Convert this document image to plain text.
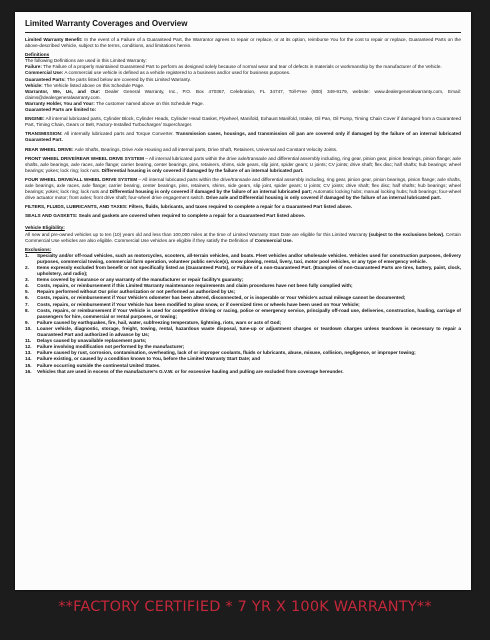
Limited Warranty Coverages and Overview
Limited Warranty Benefit: In the event of a Failure of a Guaranteed Part, the Warrantor agrees to repair or replace, or at its option, reimburse You for the cost to repair or replace, Guaranteed Parts on the above-described Vehicle, subject to the terms, conditions, and limitations herein.
Definitions
The following Definitions are used in this Limited Warranty:
Failure: The Failure of a properly maintained Guaranteed Part to perform as designed solely because of normal wear and tear of defects in materials or workmanship by the manufacturer of the Vehicle.
Commercial Use: A commercial use vehicle is defined as a vehicle registered to a business and/or used for business purposes.
Guaranteed Parts: The parts listed below are covered by this Limited Warranty.
Vehicle: The Vehicle listed above on this Schedule Page.
Warrantor, We, Us, and Our: Dealer General Warranty, Inc., P.O. Box 470367, Celebration, FL 34747, Toll-Free (800) 349-9179, website: www.dealergeneralwarranty.com, Email: claims@dealergeneralwarranty.com.
Warranty Holder, You and Your: The customer named above on this Schedule Page.
Guaranteed Parts are limited to:
ENGINE: All internal lubricated parts, Cylinder Block, Cylinder Heads, Cylinder Head Gasket, Flywheel, Manifold, Exhaust Manifold, Intake, Oil Pan, Oil Pump, Timing Chain Cover if damaged from a Guaranteed Part, Timing Chain, Gears or Belt, Factory-Installed Turbocharger/ Supercharger.
TRANSMISSION: All internally lubricated parts and Torque Converter. Transmission cases, housings, and transmission oil pan are covered only if damaged by the failure of an internal lubricated Guaranteed Part.
REAR WHEEL DRIVE: Axle Shafts, Bearings, Drive Axle Housing and all internal parts, Drive Shaft, Retainers, Universal and Constant Velocity Joints.
FRONT WHEEL DRIVE/REAR WHEEL DRIVE SYSTEM – All internal lubricated parts within the drive axle/transaxle and differential assembly including, ring gear, pinion gear, pinion bearings, pinion flange; axle shafts, axle bearings, axle races, axle flange; carrier bearing, center bearings, pins, retainers, shims, side gears, slip joint, spider gears; U joints; CV joints; drive shaft; flex disc; half shafts; hub bearings; wheel bearings; yokes; lock ring; lock nuts. Differential housing is only covered if damaged by the failure of an internal lubricated part.
FOUR WHEEL DRIVE/ALL WHEEL DRIVE SYSTEM – All internal lubricated parts within the drive/transaxle and differential assembly including, ring gear, pinion gear, pinion bearings, pinion flange; axle shafts, axle bearings, axle races, axle flange; carrier bearing, center bearings, pins, retainers, shims, side gears, slip joint, spider gears; U joints; CV joints; drive shaft; flex disc; half shafts; hub bearings; wheel bearings; yokes; lock ring; lock nuts and Differential housing is only covered if damaged by the failure of an internal lubricated part; Automatic locking hubs; manual locking hubs; hub bearings; four-wheel drive actuator motor; front axles; front drive shaft; four-wheel drive engagement switch. Drive axle and Differential housing is only covered if damaged by the failure of an internal lubricated part.
FILTERS, FLUIDS, LUBRICANTS, AND TAXES: Filters, fluids, lubricants, and taxes required to complete a repair for a Guaranteed Part listed above.
SEALS AND GASKETS: Seals and gaskets are covered when required to complete a repair for a Guaranteed Part listed above.
Vehicle Eligibility:
All new and pre-owned vehicles up to ten (10) years old and less than 100,000 miles at the time of Limited Warranty Start Date are eligible for this Limited Warranty (subject to the exclusions below). Certain Commercial Use vehicles are also eligible. Commercial Use vehicles are eligible if they satisfy the Definition of Commercial Use.
Exclusions:
1.	Specialty and/or off-road vehicles, such as motorcycles, scooters, all-terrain vehicles, and boats. Fleet vehicles and/or wholesale vehicles. Vehicles used for construction purposes, delivery purposes, commercial towing, commercial farm operation, volunteer public service(s), snow plowing, rental, livery, taxi, motor pool vehicles, or any type of emergency vehicle.
2.	Items expressly excluded from benefit or not specifically listed as (Guaranteed Parts), or Failure of a non-Guaranteed Part. (Examples of non-Guaranteed Parts are tires, battery, paint, clock, upholstery, and radio);
3.	Items covered by insurance or any warranty of the manufacturer or repair facility's guaranty;
4.	Costs, repairs, or reimbursement if this Limited Warranty maintenance requirements and claim procedures have not been fully complied with;
5.	Repairs performed without Our prior authorization or not performed as authorized by Us;
6.	Costs, repairs, or reimbursement if Your Vehicle's odometer has been altered, disconnected, or is inoperable or Your Vehicle's actual mileage cannot be documented;
7.	Costs, repairs, or reimbursement if Your Vehicle has been modified to plow snow, or if oversized tires or wheels have been used on Your Vehicle;
8.	Costs, repairs, or reimbursement if Your Vehicle is used for competitive driving or racing, police or emergency service, principally off-road use, deliveries, construction, hauling, carriage of passengers for hire, commercial or rental purposes, or towing;
9.	Failure caused by earthquakes, fire, hail, water, subfreezing temperature, lightning, riots, wars or acts of God;
10.	Loaner vehicle, diagnostic, storage, freight, towing, rental, hazardous waste disposal, tune-up or adjustment charges or teardown charges unless teardown is necessary to repair a Guaranteed Part and authorized in advance by Us;
11.	Delays caused by unavailable replacement parts;
12.	Failure involving modification not performed by the manufacturer;
13.	Failure caused by rust, corrosion, contamination, overheating, lack of or improper coolants, fluids or lubricants, abuse, misuse, collision, negligence, or improper towing;
14.	Failure existing, or caused by a condition known to You, before the Limited Warranty Start Date; and
15.	Failure occurring outside the continental United States.
16.	Vehicles that are used in excess of the manufacturer's G.V.W. or for excessive hauling and pulling are excluded from coverage hereunder.
**FACTORY CERTIFIED * 7 YR X 100K WARRANTY**
